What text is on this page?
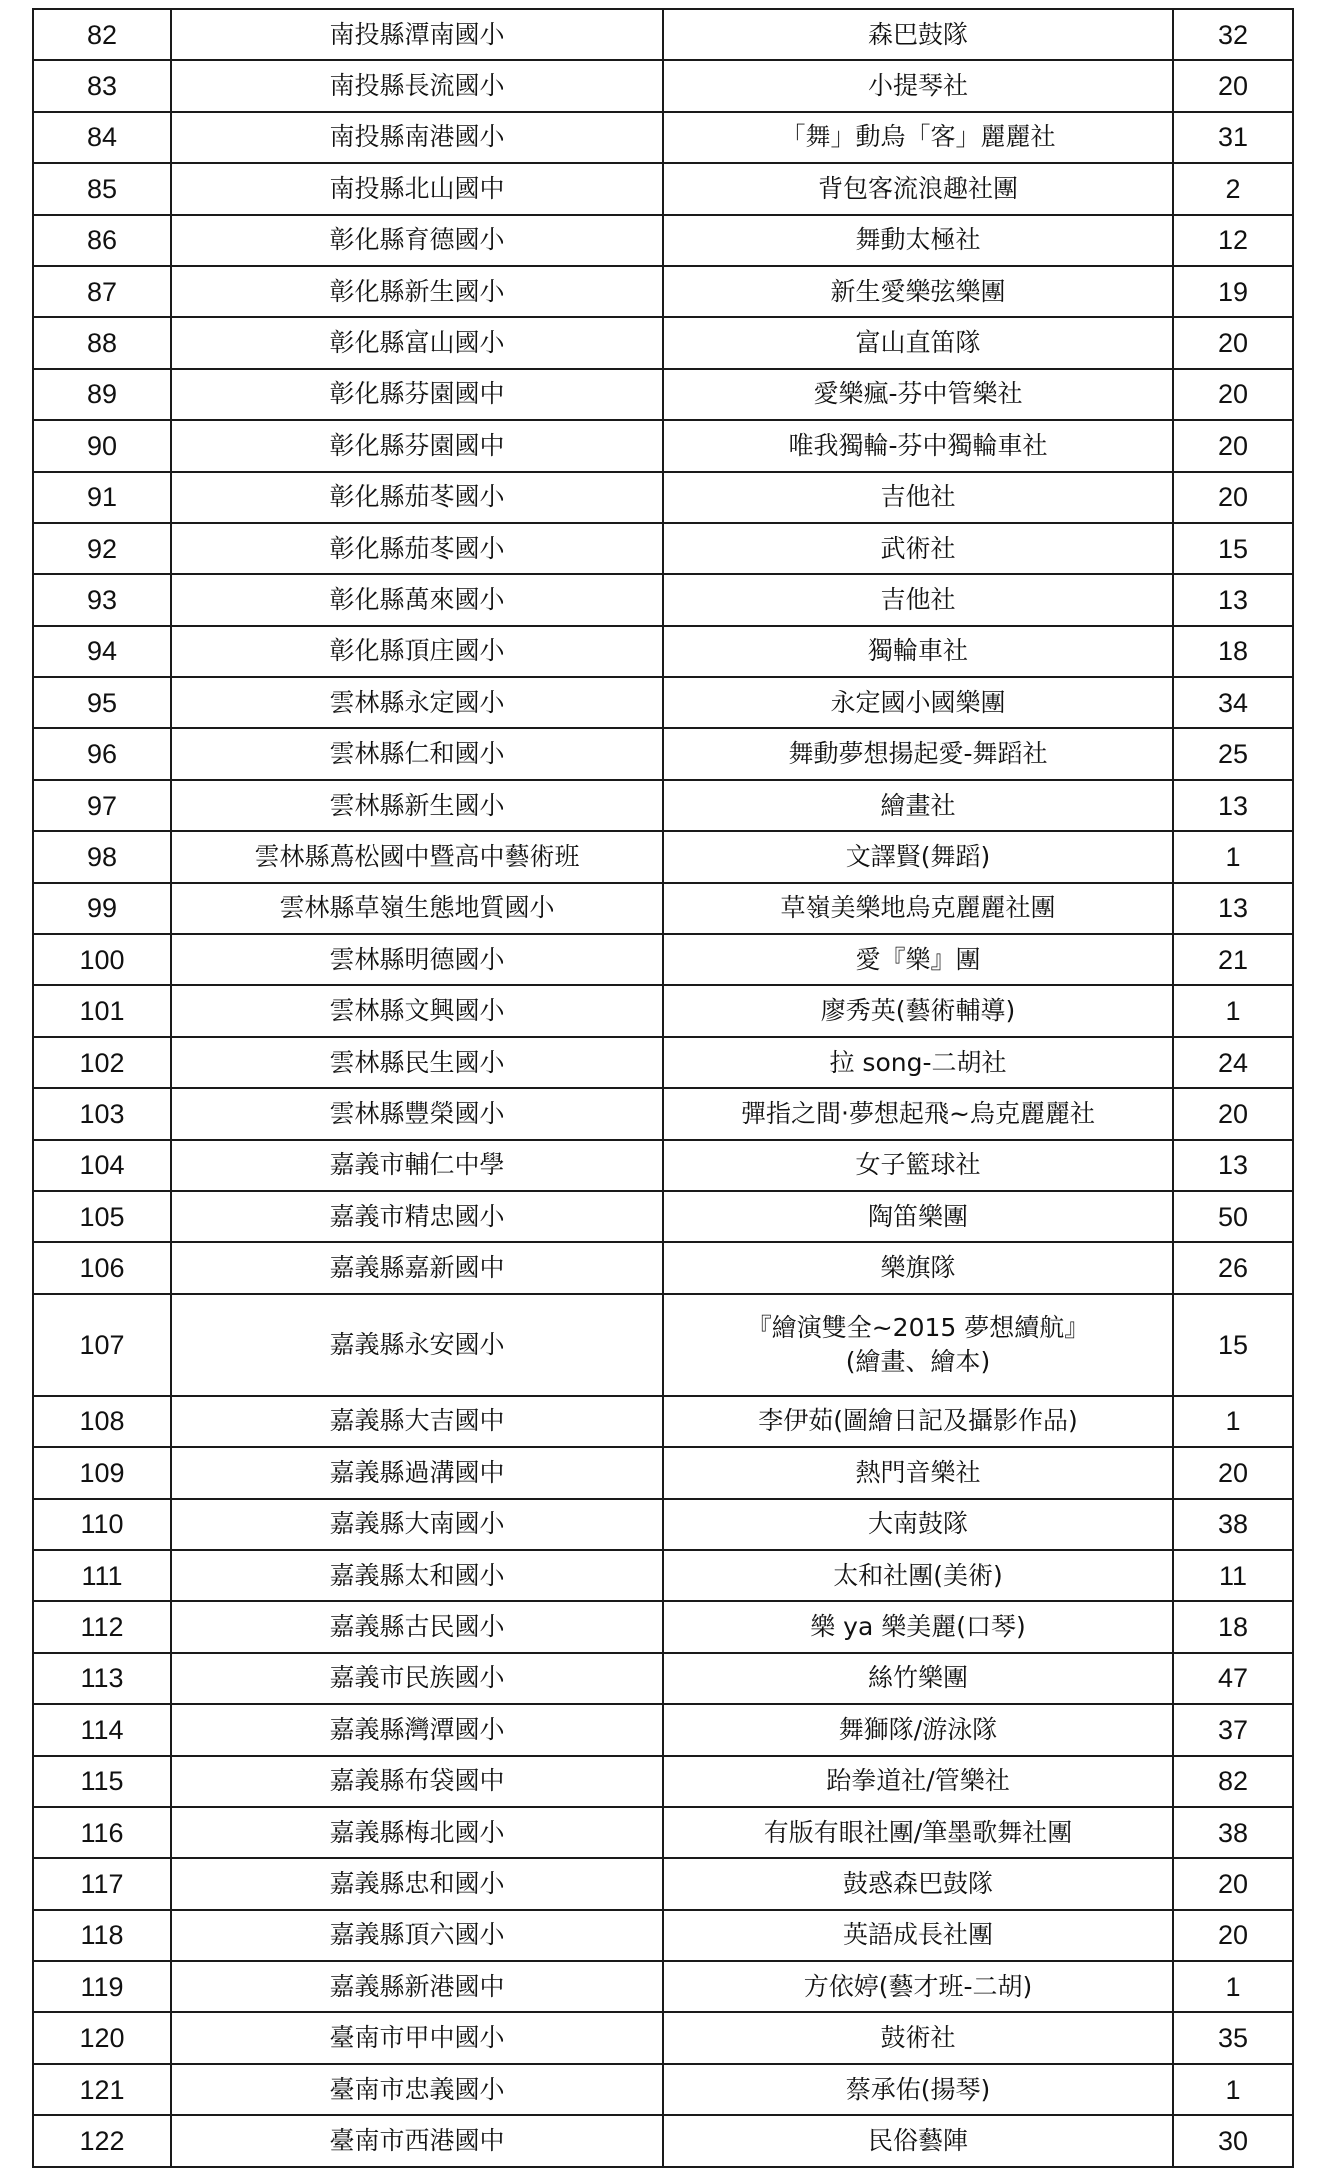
82	南投縣潭南國小	森巴鼓隊	32
83	南投縣長流國小	小提琴社	20
84	南投縣南港國小	「舞」動烏「客」麗麗社	31
85	南投縣北山國中	背包客流浪趣社團	2
86	彰化縣育德國小	舞動太極社	12
87	彰化縣新生國小	新生愛樂弦樂團	19
88	彰化縣富山國小	富山直笛隊	20
89	彰化縣芬園國中	愛樂瘋-芬中管樂社	20
90	彰化縣芬園國中	唯我獨輪-芬中獨輪車社	20
91	彰化縣茄苳國小	吉他社	20
92	彰化縣茄苳國小	武術社	15
93	彰化縣萬來國小	吉他社	13
94	彰化縣頂庄國小	獨輪車社	18
95	雲林縣永定國小	永定國小國樂團	34
96	雲林縣仁和國小	舞動夢想揚起愛-舞蹈社	25
97	雲林縣新生國小	繪畫社	13
98	雲林縣蔦松國中暨高中藝術班	文譯賢(舞蹈)	1
99	雲林縣草嶺生態地質國小	草嶺美樂地烏克麗麗社團	13
100	雲林縣明德國小	愛『樂』團	21
101	雲林縣文興國小	廖秀英(藝術輔導)	1
102	雲林縣民生國小	拉 song-二胡社	24
103	雲林縣豐榮國小	彈指之間‧夢想起飛~烏克麗麗社	20
104	嘉義市輔仁中學	女子籃球社	13
105	嘉義市精忠國小	陶笛樂團	50
106	嘉義縣嘉新國中	樂旗隊	26
107	嘉義縣永安國小	『繪演雙全~2015 夢想續航』
(繪畫、繪本)	15
108	嘉義縣大吉國中	李伊茹(圖繪日記及攝影作品)	1
109	嘉義縣過溝國中	熱門音樂社	20
110	嘉義縣大南國小	大南鼓隊	38
111	嘉義縣太和國小	太和社團(美術)	11
112	嘉義縣古民國小	樂 ya 樂美麗(口琴)	18
113	嘉義市民族國小	絲竹樂團	47
114	嘉義縣灣潭國小	舞獅隊/游泳隊	37
115	嘉義縣布袋國中	跆拳道社/管樂社	82
116	嘉義縣梅北國小	有版有眼社團/筆墨歌舞社團	38
117	嘉義縣忠和國小	鼓惑森巴鼓隊	20
118	嘉義縣頂六國小	英語成長社團	20
119	嘉義縣新港國中	方依婷(藝才班-二胡)	1
120	臺南市甲中國小	鼓術社	35
121	臺南市忠義國小	蔡承佑(揚琴)	1
122	臺南市西港國中	民俗藝陣	30
